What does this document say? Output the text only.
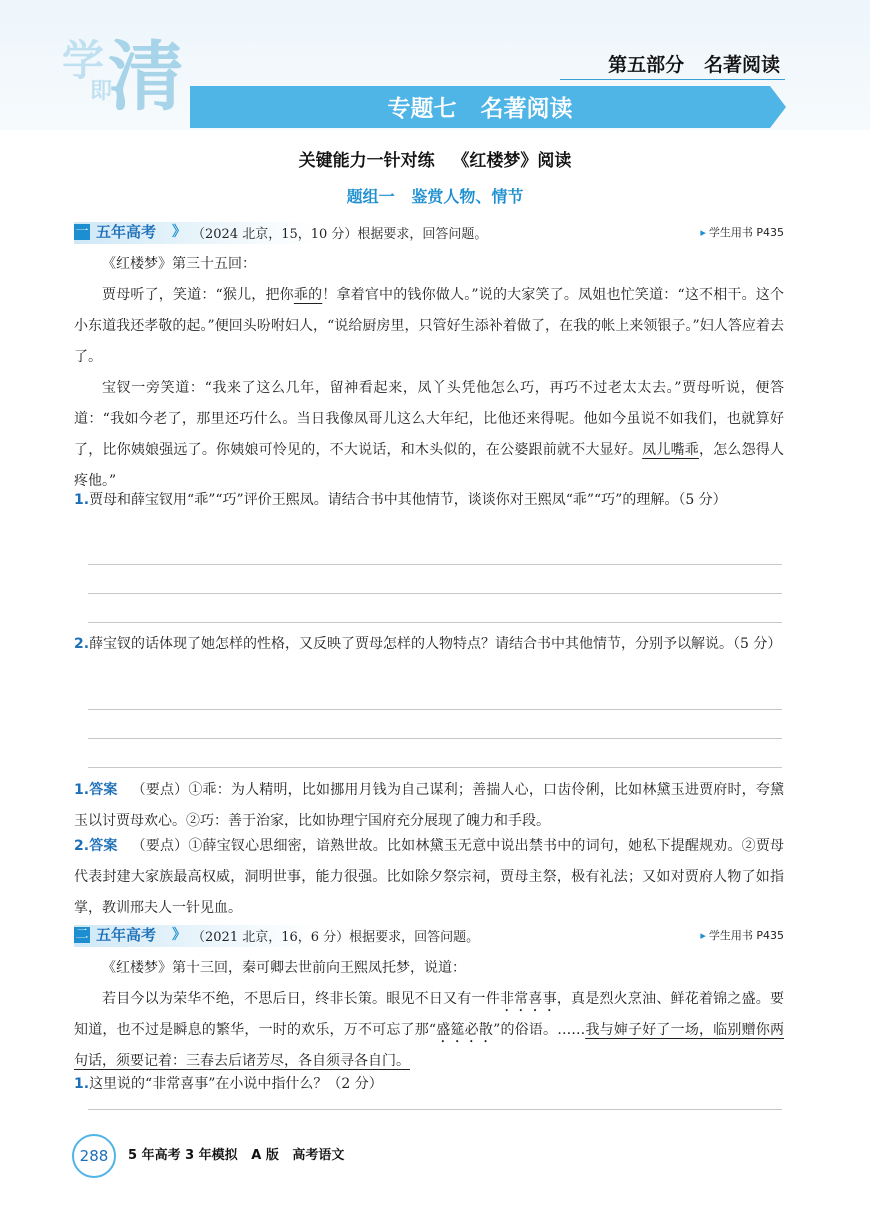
学 清
即
第五部分   名著阅读
专题七   名著阅读
关键能力一针对练   《红楼梦》阅读
题组一   鉴赏人物、情节
一 五年高考 》 （2024 北京，15，10 分）根据要求，回答问题。	▸ 学生用书 P435
《红楼梦》第三十五回：
贾母听了，笑道：“猴儿，把你乖的！拿着官中的钱你做人。”说的大家笑了。凤姐也忙笑道：“这不相干。这个小东道我还孝敬的起。”便回头吩咐妇人，“说给厨房里，只管好生添补着做了，在我的帐上来领银子。”妇人答应着去了。
宝钗一旁笑道：“我来了这么几年，留神看起来，凤丫头凭他怎么巧，再巧不过老太太去。”贾母听说，便答道：“我如今老了，那里还巧什么。当日我像凤哥儿这么大年纪，比他还来得呢。他如今虽说不如我们，也就算好了，比你姨娘强远了。你姨娘可怜见的，不大说话，和木头似的，在公婆跟前就不大显好。凤儿嘴乖，怎么怨得人疼他。”
1.贾母和薛宝钗用“乖”“巧”评价王熙凤。请结合书中其他情节，谈谈你对王熙凤“乖”“巧”的理解。（5 分）
2.薛宝钗的话体现了她怎样的性格，又反映了贾母怎样的人物特点？请结合书中其他情节，分别予以解说。（5 分）
1.答案 （要点）①乖：为人精明，比如挪用月钱为自己谋利；善揣人心，口齿伶俐，比如林黛玉进贾府时，夸黛玉以讨贾母欢心。②巧：善于治家，比如协理宁国府充分展现了魄力和手段。
2.答案 （要点）①薛宝钗心思细密，谙熟世故。比如林黛玉无意中说出禁书中的词句，她私下提醒规劝。②贾母代表封建大家族最高权威，洞明世事，能力很强。比如除夕祭宗祠，贾母主祭，极有礼法；又如对贾府人物了如指掌，教训邢夫人一针见血。
二 五年高考 》 （2021 北京，16，6 分）根据要求，回答问题。	▸ 学生用书 P435
《红楼梦》第十三回，秦可卿去世前向王熙凤托梦，说道：
若目今以为荣华不绝，不思后日，终非长策。眼见不日又有一件非常喜事，真是烈火烹油、鲜花着锦之盛。要知道，也不过是瞬息的繁华，一时的欢乐，万不可忘了那“盛筵必散”的俗语。……我与婶子好了一场，临别赠你两句话，须要记着：三春去后诸芳尽，各自须寻各自门。
1.这里说的“非常喜事”在小说中指什么？（2 分）
288	5 年高考 3 年模拟   A 版   高考语文
